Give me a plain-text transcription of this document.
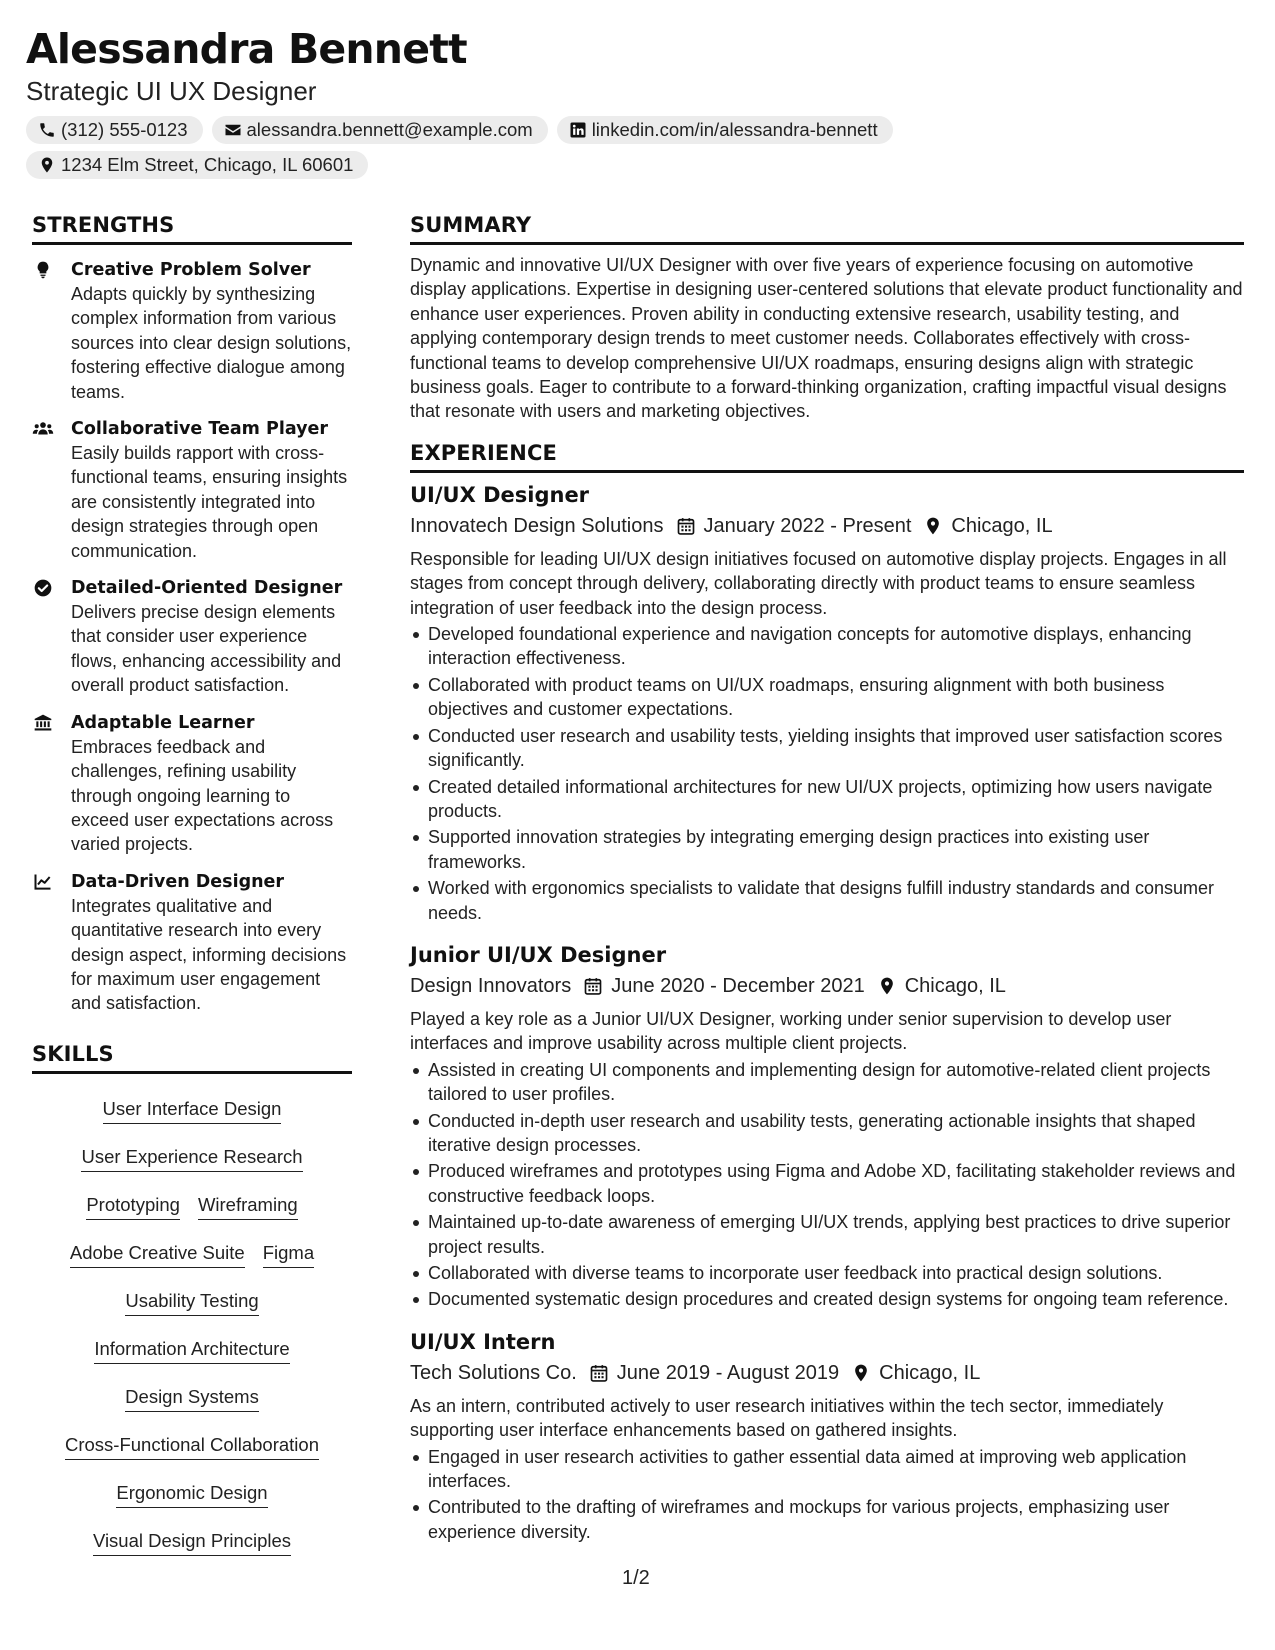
Alessandra Bennett
Strategic UI UX Designer
(312) 555-0123	alessandra.bennett@example.com	linkedin.com/in/alessandra-bennett
1234 Elm Street, Chicago, IL 60601
STRENGTHS
Creative Problem Solver
Adapts quickly by synthesizing complex information from various sources into clear design solutions, fostering effective dialogue among teams.
Collaborative Team Player
Easily builds rapport with cross-functional teams, ensuring insights are consistently integrated into design strategies through open communication.
Detailed-Oriented Designer
Delivers precise design elements that consider user experience flows, enhancing accessibility and overall product satisfaction.
Adaptable Learner
Embraces feedback and challenges, refining usability through ongoing learning to exceed user expectations across varied projects.
Data-Driven Designer
Integrates qualitative and quantitative research into every design aspect, informing decisions for maximum user engagement and satisfaction.
SKILLS
User Interface Design
User Experience Research
Prototyping Wireframing
Adobe Creative Suite Figma
Usability Testing
Information Architecture
Design Systems
Cross-Functional Collaboration
Ergonomic Design
Visual Design Principles
SUMMARY
Dynamic and innovative UI/UX Designer with over five years of experience focusing on automotive display applications. Expertise in designing user-centered solutions that elevate product functionality and enhance user experiences. Proven ability in conducting extensive research, usability testing, and applying contemporary design trends to meet customer needs. Collaborates effectively with cross-functional teams to develop comprehensive UI/UX roadmaps, ensuring designs align with strategic business goals. Eager to contribute to a forward-thinking organization, crafting impactful visual designs that resonate with users and marketing objectives.
EXPERIENCE
UI/UX Designer
Innovatech Design Solutions January 2022 - Present Chicago, IL
Responsible for leading UI/UX design initiatives focused on automotive display projects. Engages in all stages from concept through delivery, collaborating directly with product teams to ensure seamless integration of user feedback into the design process.
Developed foundational experience and navigation concepts for automotive displays, enhancing interaction effectiveness.
Collaborated with product teams on UI/UX roadmaps, ensuring alignment with both business objectives and customer expectations.
Conducted user research and usability tests, yielding insights that improved user satisfaction scores significantly.
Created detailed informational architectures for new UI/UX projects, optimizing how users navigate products.
Supported innovation strategies by integrating emerging design practices into existing user frameworks.
Worked with ergonomics specialists to validate that designs fulfill industry standards and consumer needs.
Junior UI/UX Designer
Design Innovators June 2020 - December 2021 Chicago, IL
Played a key role as a Junior UI/UX Designer, working under senior supervision to develop user interfaces and improve usability across multiple client projects.
Assisted in creating UI components and implementing design for automotive-related client projects tailored to user profiles.
Conducted in-depth user research and usability tests, generating actionable insights that shaped iterative design processes.
Produced wireframes and prototypes using Figma and Adobe XD, facilitating stakeholder reviews and constructive feedback loops.
Maintained up-to-date awareness of emerging UI/UX trends, applying best practices to drive superior project results.
Collaborated with diverse teams to incorporate user feedback into practical design solutions.
Documented systematic design procedures and created design systems for ongoing team reference.
UI/UX Intern
Tech Solutions Co. June 2019 - August 2019 Chicago, IL
As an intern, contributed actively to user research initiatives within the tech sector, immediately supporting user interface enhancements based on gathered insights.
Engaged in user research activities to gather essential data aimed at improving web application interfaces.
Contributed to the drafting of wireframes and mockups for various projects, emphasizing user experience diversity.
1/2
